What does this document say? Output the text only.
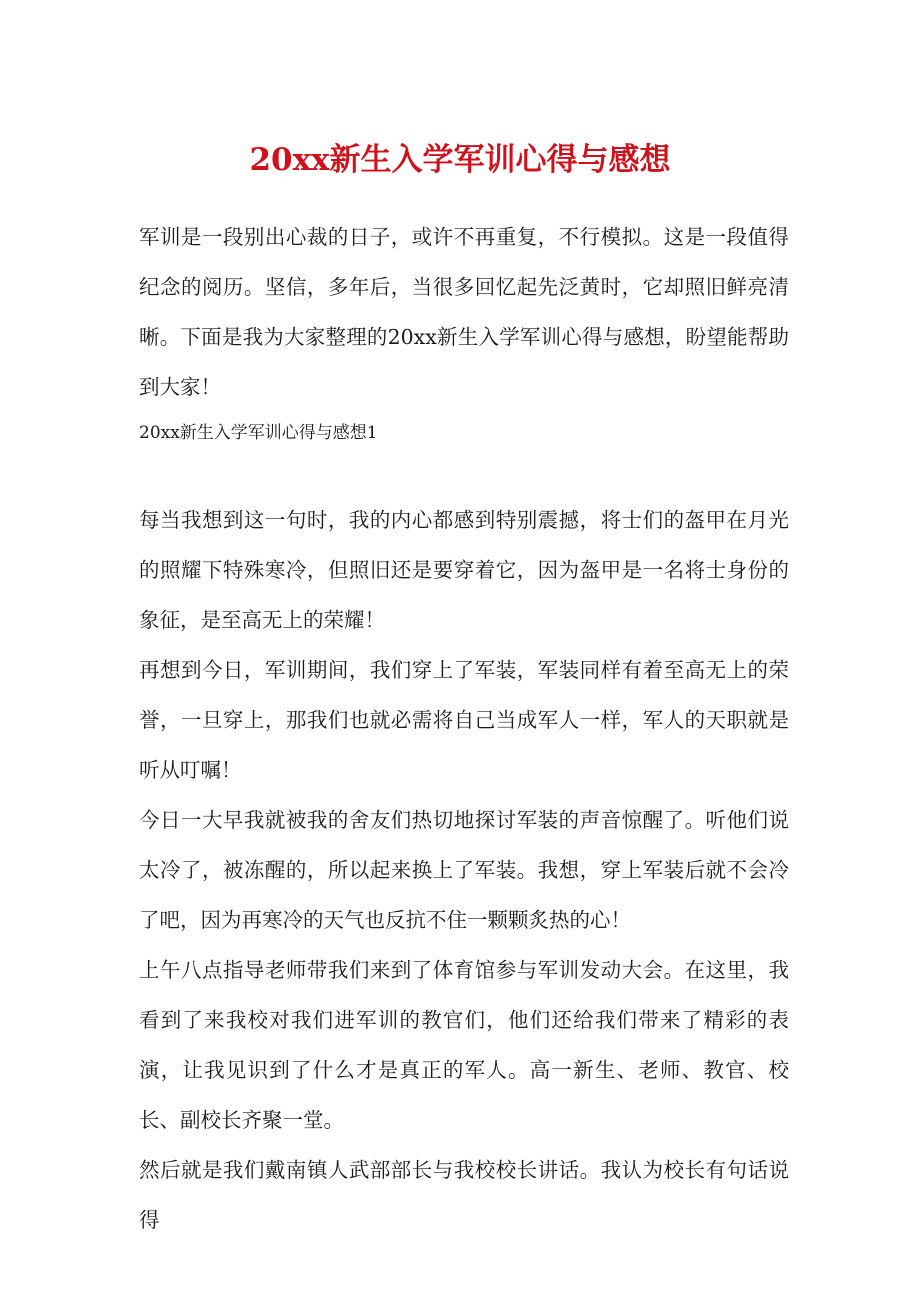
20xx新生入学军训心得与感想

军训是一段别出心裁的日子，或许不再重复，不行模拟。这是一段值得纪念的阅历。坚信，多年后，当很多回忆起先泛黄时，它却照旧鲜亮清晰。下面是我为大家整理的20xx新生入学军训心得与感想，盼望能帮助到大家！

20xx新生入学军训心得与感想1

每当我想到这一句时，我的内心都感到特别震撼，将士们的盔甲在月光的照耀下特殊寒冷，但照旧还是要穿着它，因为盔甲是一名将士身份的象征，是至高无上的荣耀！

再想到今日，军训期间，我们穿上了军装，军装同样有着至高无上的荣誉，一旦穿上，那我们也就必需将自己当成军人一样，军人的天职就是听从叮嘱！

今日一大早我就被我的舍友们热切地探讨军装的声音惊醒了。听他们说太冷了，被冻醒的，所以起来换上了军装。我想，穿上军装后就不会冷了吧，因为再寒冷的天气也反抗不住一颗颗炙热的心！

上午八点指导老师带我们来到了体育馆参与军训发动大会。在这里，我看到了来我校对我们进军训的教官们，他们还给我们带来了精彩的表演，让我见识到了什么才是真正的军人。高一新生、老师、教官、校长、副校长齐聚一堂。

然后就是我们戴南镇人武部部长与我校校长讲话。我认为校长有句话说得
